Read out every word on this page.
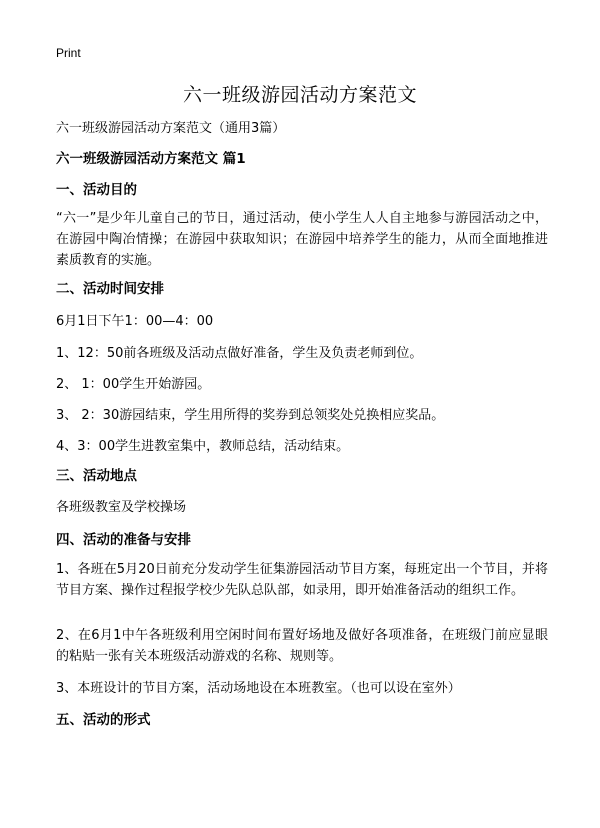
Print
六一班级游园活动方案范文
六一班级游园活动方案范文（通用3篇）
六一班级游园活动方案范文 篇1
一、活动目的
“六一”是少年儿童自己的节日，通过活动，使小学生人人自主地参与游园活动之中，在游园中陶冶情操；在游园中获取知识；在游园中培养学生的能力，从而全面地推进素质教育的实施。
二、活动时间安排
6月1日下午1：00—4：00
1、12：50前各班级及活动点做好准备，学生及负责老师到位。
2、 1：00学生开始游园。
3、 2：30游园结束，学生用所得的奖券到总领奖处兑换相应奖品。
4、3：00学生进教室集中，教师总结，活动结束。
三、活动地点
各班级教室及学校操场
四、活动的准备与安排
1、各班在5月20日前充分发动学生征集游园活动节目方案，每班定出一个节目，并将节目方案、操作过程报学校少先队总队部，如录用，即开始准备活动的组织工作。
2、在6月1中午各班级利用空闲时间布置好场地及做好各项准备，在班级门前应显眼的粘贴一张有关本班级活动游戏的名称、规则等。
3、本班设计的节目方案，活动场地设在本班教室。（也可以设在室外）
五、活动的形式
